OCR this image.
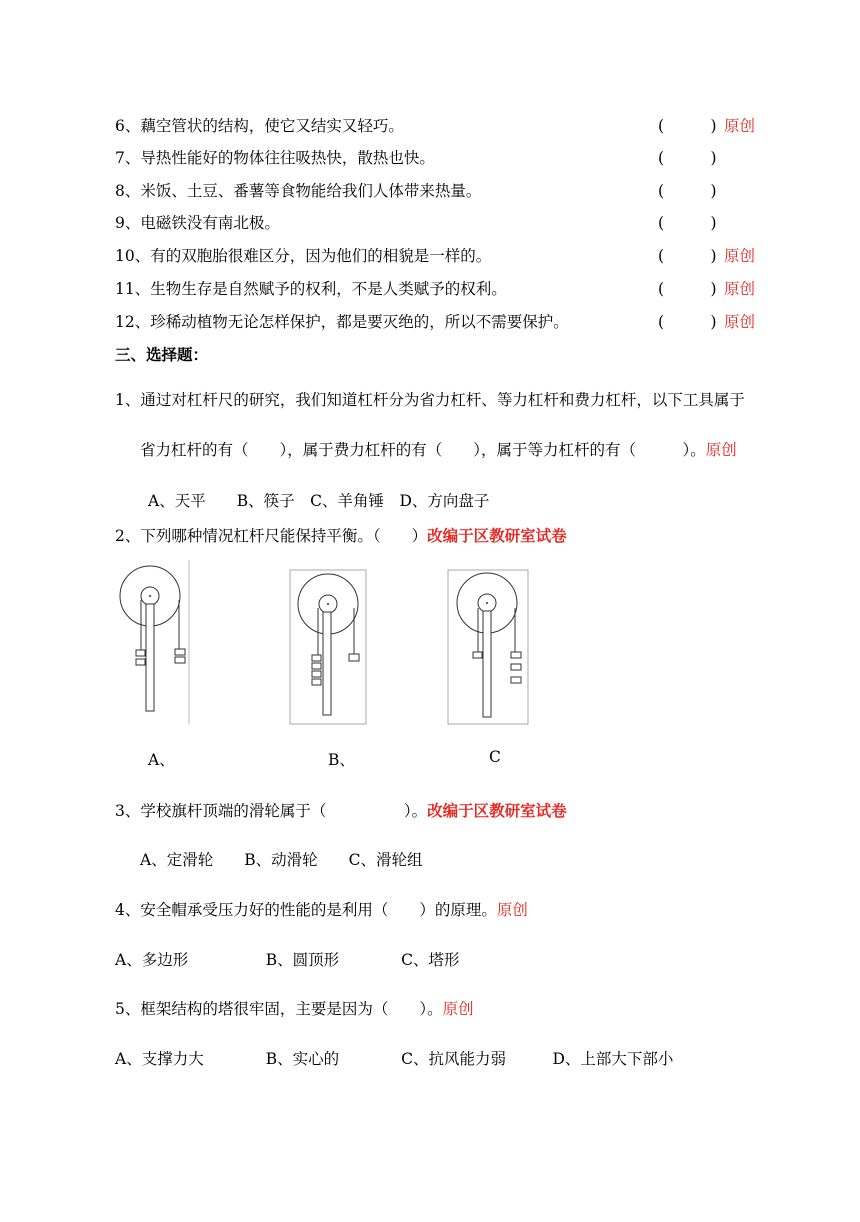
6、藕空管状的结构，使它又结实又轻巧。	(　　　) 原创
7、导热性能好的物体往往吸热快，散热也快。	(　　　)
8、米饭、土豆、番薯等食物能给我们人体带来热量。	(　　　)
9、电磁铁没有南北极。	(　　　)
10、有的双胞胎很难区分，因为他们的相貌是一样的。	(　　　) 原创
11、生物生存是自然赋予的权利，不是人类赋予的权利。	(　　　) 原创
12、珍稀动植物无论怎样保护，都是要灭绝的，所以不需要保护。	(　　　) 原创
三、选择题：
1、通过对杠杆尺的研究，我们知道杠杆分为省力杠杆、等力杠杆和费力杠杆，以下工具属于
省力杠杆的有（　　），属于费力杠杆的有（　　），属于等力杠杆的有（　　　）。原创
A、天平　　B、筷子　C、羊角锤　D、方向盘子
2、下列哪种情况杠杆尺能保持平衡。（　　）改编于区教研室试卷
A、	B、	C
3、学校旗杆顶端的滑轮属于（　　　　　）。改编于区教研室试卷
A、定滑轮　　B、动滑轮　　C、滑轮组
4、安全帽承受压力好的性能的是利用（　　）的原理。原创
A、多边形　　　　　B、圆顶形　　　　C、塔形
5、框架结构的塔很牢固，主要是因为（　　）。原创
A、支撑力大　　　　B、实心的　　　　C、抗风能力弱　　　D、上部大下部小
